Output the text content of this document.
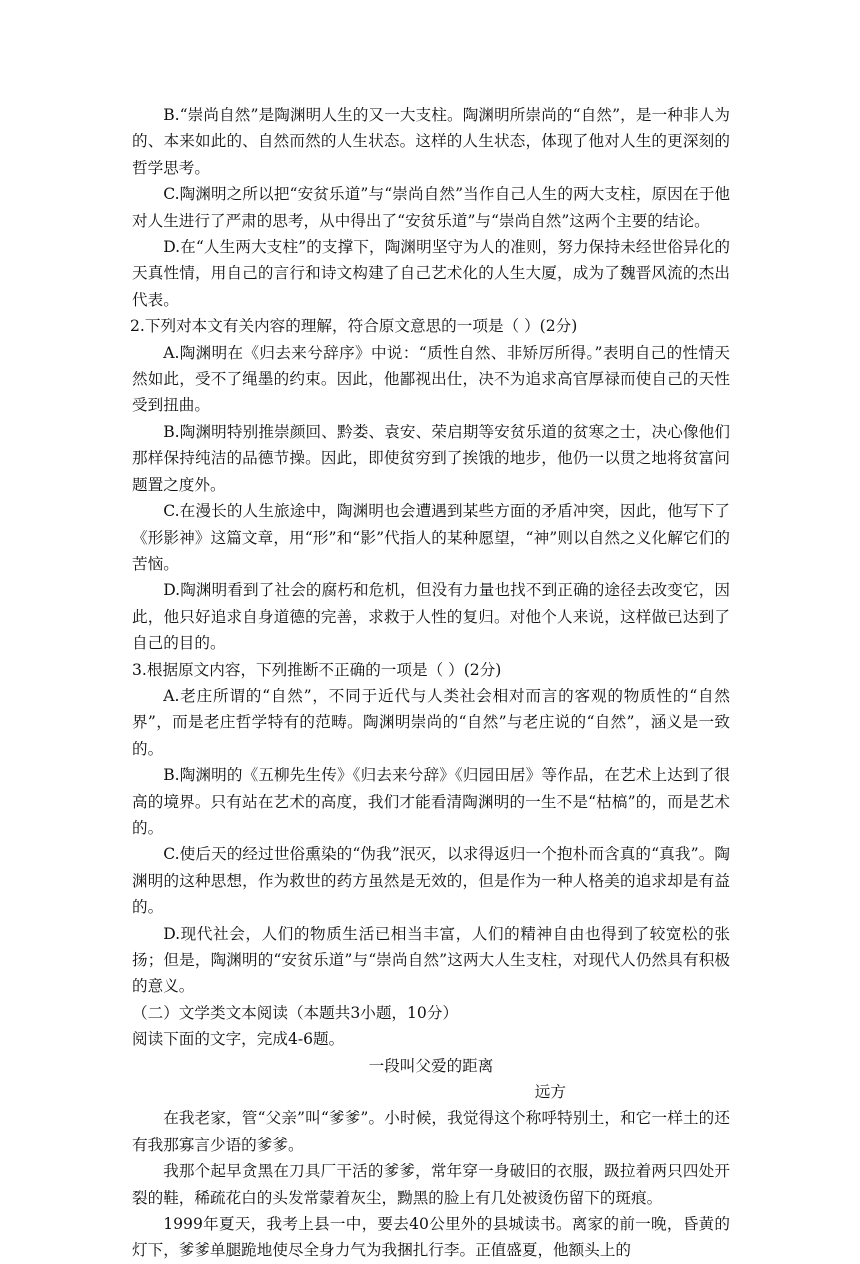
B.“崇尚自然”是陶渊明人生的又一大支柱。陶渊明所崇尚的“自然”，是一种非人为的、本来如此的、自然而然的人生状态。这样的人生状态，体现了他对人生的更深刻的哲学思考。

C.陶渊明之所以把“安贫乐道”与“崇尚自然”当作自己人生的两大支柱，原因在于他对人生进行了严肃的思考，从中得出了“安贫乐道”与“崇尚自然”这两个主要的结论。

D.在“人生两大支柱”的支撑下，陶渊明坚守为人的准则，努力保持未经世俗异化的天真性情，用自己的言行和诗文构建了自己艺术化的人生大厦，成为了魏晋风流的杰出代表。

2.下列对本文有关内容的理解，符合原文意思的一项是（ ）(2分)

A.陶渊明在《归去来兮辞序》中说：“质性自然、非矫厉所得。”表明自己的性情天然如此，受不了绳墨的约束。因此，他鄙视出仕，决不为追求高官厚禄而使自己的天性受到扭曲。

B.陶渊明特别推崇颜回、黔娄、袁安、荣启期等安贫乐道的贫寒之士，决心像他们那样保持纯洁的品德节操。因此，即使贫穷到了挨饿的地步，他仍一以贯之地将贫富问题置之度外。

C.在漫长的人生旅途中，陶渊明也会遭遇到某些方面的矛盾冲突，因此，他写下了《形影神》这篇文章，用“形”和“影”代指人的某种愿望，“神”则以自然之义化解它们的苦恼。

D.陶渊明看到了社会的腐朽和危机，但没有力量也找不到正确的途径去改变它，因此，他只好追求自身道德的完善，求救于人性的复归。对他个人来说，这样做已达到了自己的目的。

3.根据原文内容，下列推断不正确的一项是（ ）(2分)

A.老庄所谓的“自然”，不同于近代与人类社会相对而言的客观的物质性的“自然界”，而是老庄哲学特有的范畴。陶渊明崇尚的“自然”与老庄说的“自然”，涵义是一致的。

B.陶渊明的《五柳先生传》《归去来兮辞》《归园田居》等作品，在艺术上达到了很高的境界。只有站在艺术的高度，我们才能看清陶渊明的一生不是“枯槁”的，而是艺术的。

C.使后天的经过世俗熏染的“伪我”泯灭，以求得返归一个抱朴而含真的“真我”。陶渊明的这种思想，作为救世的药方虽然是无效的，但是作为一种人格美的追求却是有益的。

D.现代社会，人们的物质生活已相当丰富，人们的精神自由也得到了较宽松的张扬；但是，陶渊明的“安贫乐道”与“崇尚自然”这两大人生支柱，对现代人仍然具有积极的意义。

（二）文学类文本阅读（本题共3小题，10分）

阅读下面的文字，完成4-6题。

一段叫父爱的距离

远方

在我老家，管“父亲”叫“爹爹”。小时候，我觉得这个称呼特别土，和它一样土的还有我那寡言少语的爹爹。

我那个起早贪黑在刀具厂干活的爹爹，常年穿一身破旧的衣服，趿拉着两只四处开裂的鞋，稀疏花白的头发常蒙着灰尘，黝黑的脸上有几处被烫伤留下的斑痕。

1999年夏天，我考上县一中，要去40公里外的县城读书。离家的前一晚，昏黄的灯下，爹爹单腿跪地使尽全身力气为我捆扎行李。正值盛夏，他额头上的
